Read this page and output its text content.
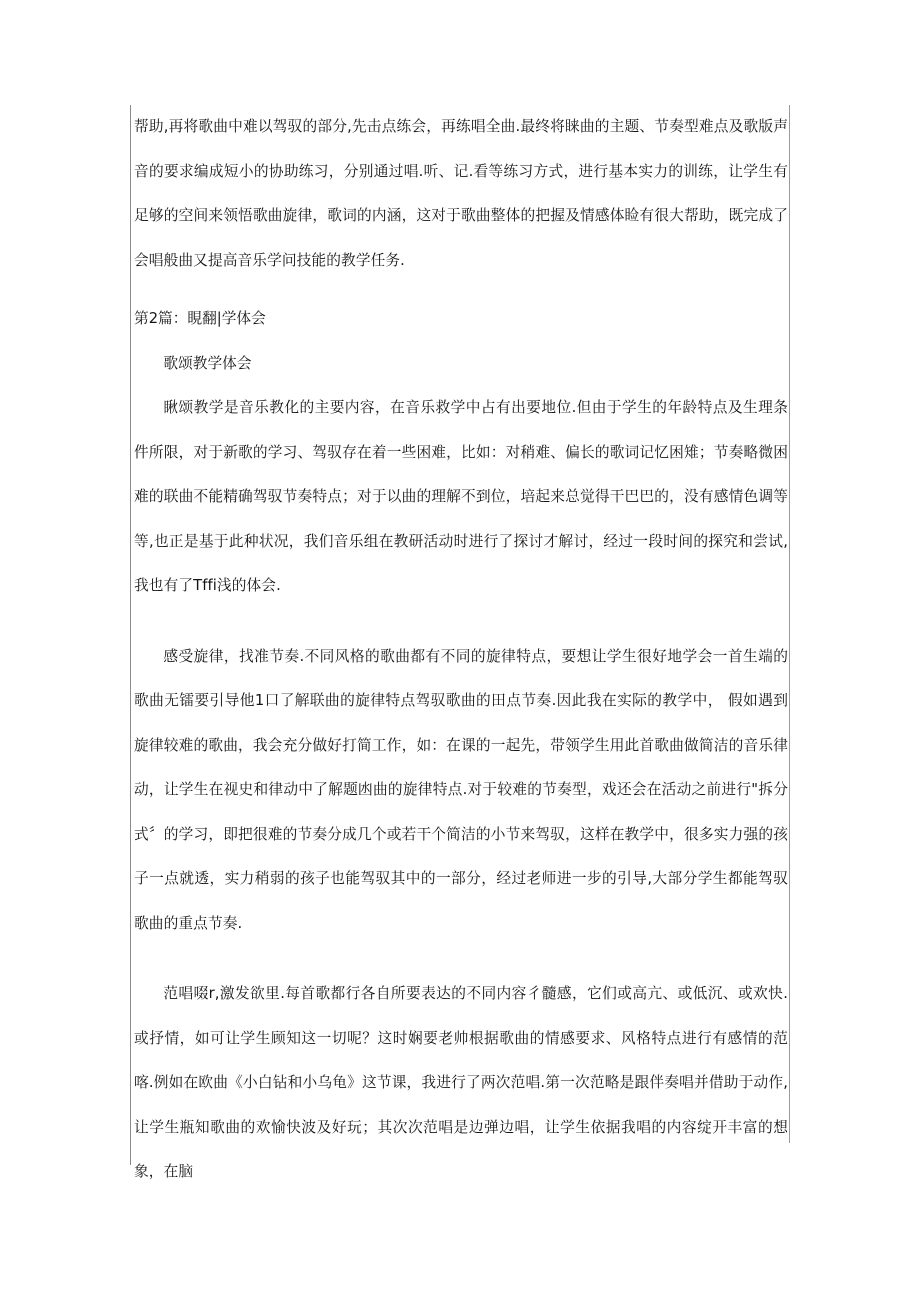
帮助,再将歌曲中难以驾驭的部分,先击点练会，再练唱全曲.最终将睐曲的主题、节奏型难点及歌版声音的要求编成短小的协助练习，分别通过唱.听、记.看等练习方式，进行基本实力的训练，让学生有足够的空间来领悟歌曲旋律，歌词的内涵，这对于歌曲整体的把握及情感体睑有很大帮助，既完成了会唱般曲又提高音乐学问技能的教学任务.

第2篇：睍翻|学体会
歌颂教学体会

瞅颂教学是音乐教化的主要内容，在音乐救学中占有出要地位.但由于学生的年龄特点及生理条件所限，对于新歌的学习、驾驭存在着一些困难，比如：对稍难、偏长的歌词记忆困雉；节奏略微困难的联曲不能精确驾驭节奏特点；对于以曲的理解不到位，培起来总觉得干巴巴的，没有感情色调等等,也正是基于此种状况，我们音乐组在教研活动时进行了探讨才解讨，经过一段时间的探究和尝试,我也有了Tffi浅的体会.

感受旋律，找准节奏.不同风格的歌曲都有不同的旋律特点，要想让学生很好地学会一首生端的歌曲无镭要引导他1口了解联曲的旋律特点驾驭歌曲的田点节奏.因此我在实际的教学中， 假如遇到旋律较难的歌曲，我会充分做好打简工作，如：在课的一起先，带领学生用此首歌曲做简洁的音乐律动，让学生在视史和律动中了解题凼曲的旋律特点.对于较难的节奏型，戏还会在活动之前进行"拆分式〞的学习，即把很难的节奏分成几个或若干个简洁的小节来驾驭，这样在教学中，很多实力强的孩子一点就透，实力稍弱的孩子也能驾驭其中的一部分，经过老师进一步的引导,大部分学生都能驾驭歌曲的重点节奏.

范唱啜r,激发欲里.每首歌都行各自所要表达的不同内容彳髓感，它们或高亢、或低沉、或欢快.或抒情，如可让学生顾知这一切呢？这时娴要老帅根据歌曲的情感要求、风格特点进行有感情的范喀.例如在欧曲《小白钻和小乌龟》这节课，我进行了两次范唱.第一次范略是跟伴奏唱并借助于动作,让学生瓶知歌曲的欢愉快波及好玩；其次次范唱是边弹边唱，让学生依据我唱的内容绽开丰富的想象，在脑
